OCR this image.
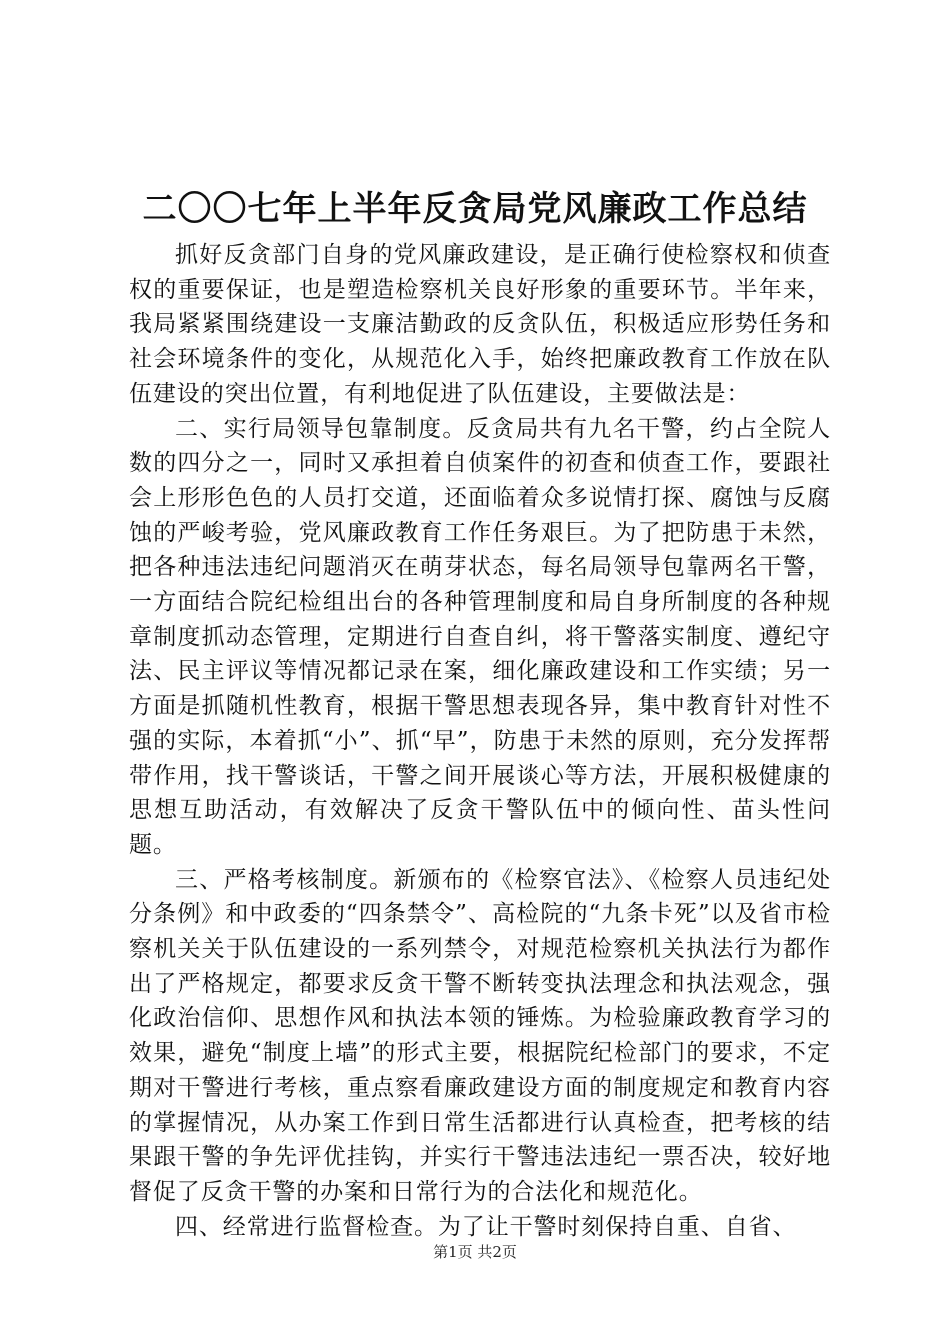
二〇〇七年上半年反贪局党风廉政工作总结

抓好反贪部门自身的党风廉政建设，是正确行使检察权和侦查权的重要保证，也是塑造检察机关良好形象的重要环节。半年来，我局紧紧围绕建设一支廉洁勤政的反贪队伍，积极适应形势任务和社会环境条件的变化，从规范化入手，始终把廉政教育工作放在队伍建设的突出位置，有利地促进了队伍建设，主要做法是：

二、实行局领导包靠制度。反贪局共有九名干警，约占全院人数的四分之一，同时又承担着自侦案件的初查和侦查工作，要跟社会上形形色色的人员打交道，还面临着众多说情打探、腐蚀与反腐蚀的严峻考验，党风廉政教育工作任务艰巨。为了把防患于未然，把各种违法违纪问题消灭在萌芽状态，每名局领导包靠两名干警，一方面结合院纪检组出台的各种管理制度和局自身所制度的各种规章制度抓动态管理，定期进行自查自纠，将干警落实制度、遵纪守法、民主评议等情况都记录在案，细化廉政建设和工作实绩；另一方面是抓随机性教育，根据干警思想表现各异，集中教育针对性不强的实际，本着抓“小”、抓“早”，防患于未然的原则，充分发挥帮带作用，找干警谈话，干警之间开展谈心等方法，开展积极健康的思想互助活动，有效解决了反贪干警队伍中的倾向性、苗头性问题。

三、严格考核制度。新颁布的《检察官法》、《检察人员违纪处分条例》和中政委的“四条禁令”、高检院的“九条卡死”以及省市检察机关关于队伍建设的一系列禁令，对规范检察机关执法行为都作出了严格规定，都要求反贪干警不断转变执法理念和执法观念，强化政治信仰、思想作风和执法本领的锤炼。为检验廉政教育学习的效果，避免“制度上墙”的形式主要，根据院纪检部门的要求，不定期对干警进行考核，重点察看廉政建设方面的制度规定和教育内容的掌握情况，从办案工作到日常生活都进行认真检查，把考核的结果跟干警的争先评优挂钩，并实行干警违法违纪一票否决，较好地督促了反贪干警的办案和日常行为的合法化和规范化。

四、经常进行监督检查。为了让干警时刻保持自重、自省、

第1页 共2页
